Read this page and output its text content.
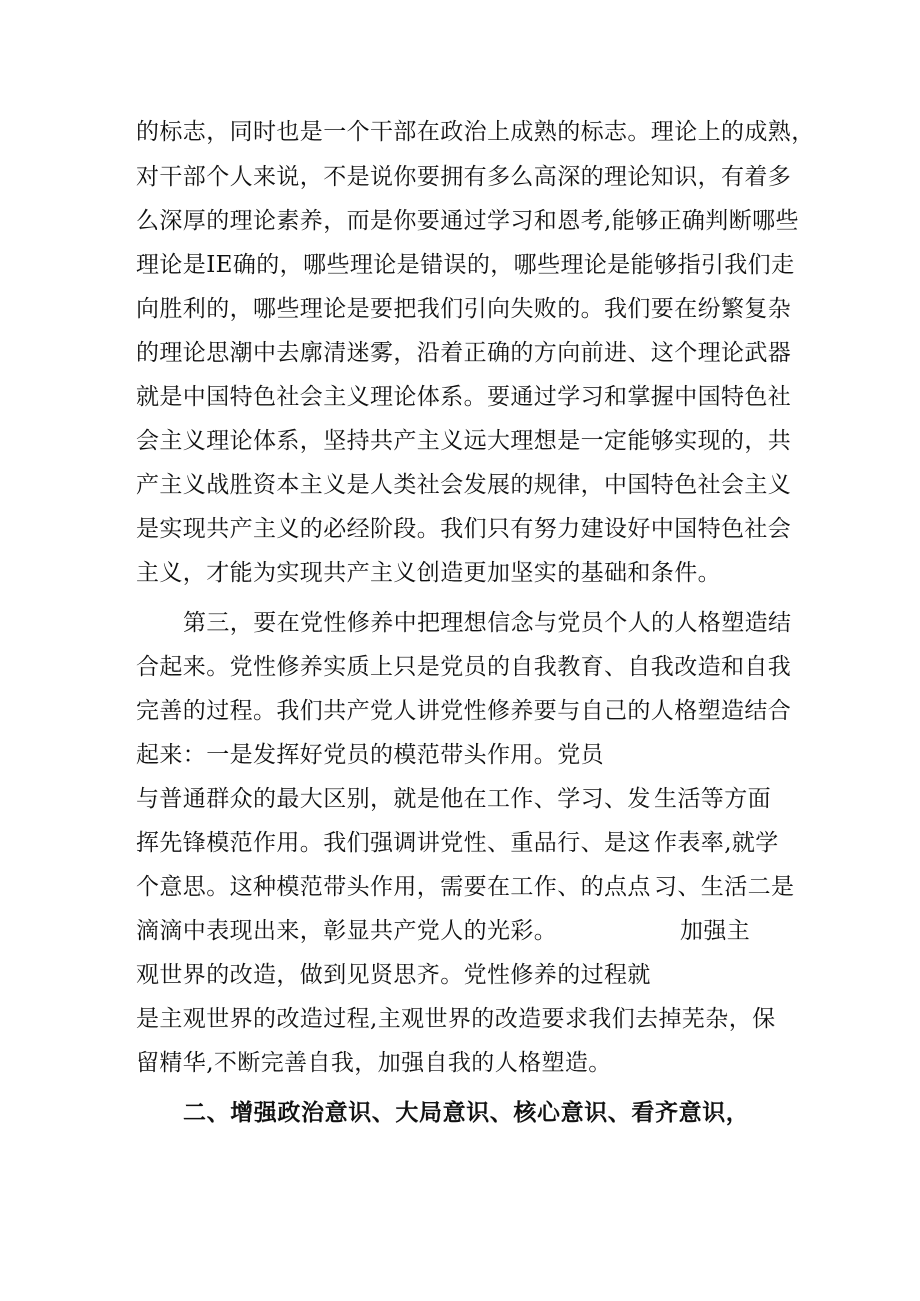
的标志，同时也是一个干部在政治上成熟的标志。理论上的成熟，
对干部个人来说，不是说你要拥有多么高深的理论知识，有着多
么深厚的理论素养，而是你要通过学习和恩考,能够正确判断哪些
理论是IE确的，哪些理论是错误的，哪些理论是能够指引我们走
向胜利的，哪些理论是要把我们引向失败的。我们要在纷繁复杂
的理论思潮中去廓清迷雾，沿着正确的方向前进、这个理论武器
就是中国特色社会主义理论体系。要通过学习和掌握中国特色社
会主义理论体系，坚持共产主义远大理想是一定能够实现的，共
产主义战胜资本主义是人类社会发展的规律，中国特色社会主义
是实现共产主义的必经阶段。我们只有努力建设好中国特色社会
主义，才能为实现共产主义创造更加坚实的基础和条件。
第三，要在党性修养中把理想信念与党员个人的人格塑造结
合起来。党性修养实质上只是党员的自我教育、自我改造和自我
完善的过程。我们共产党人讲党性修养要与自己的人格塑造结合
起来：一是发挥好党员的模范带头作用。党员
与普通群众的最大区别，就是他在工作、学习、发
挥先锋模范作用。我们强调讲党性、重品行、是这
个意思。这种模范带头作用，需要在工作、的点点
滴滴中表现出来，彰显共产党人的光彩。
生活等方面
作表率,就学
习、生活二是
加强主
观世界的改造，做到见贤思齐。党性修养的过程就
是主观世界的改造过程,主观世界的改造要求我们去掉芜杂，保
留精华,不断完善自我，加强自我的人格塑造。
二、增强政治意识、大局意识、核心意识、看齐意识，
